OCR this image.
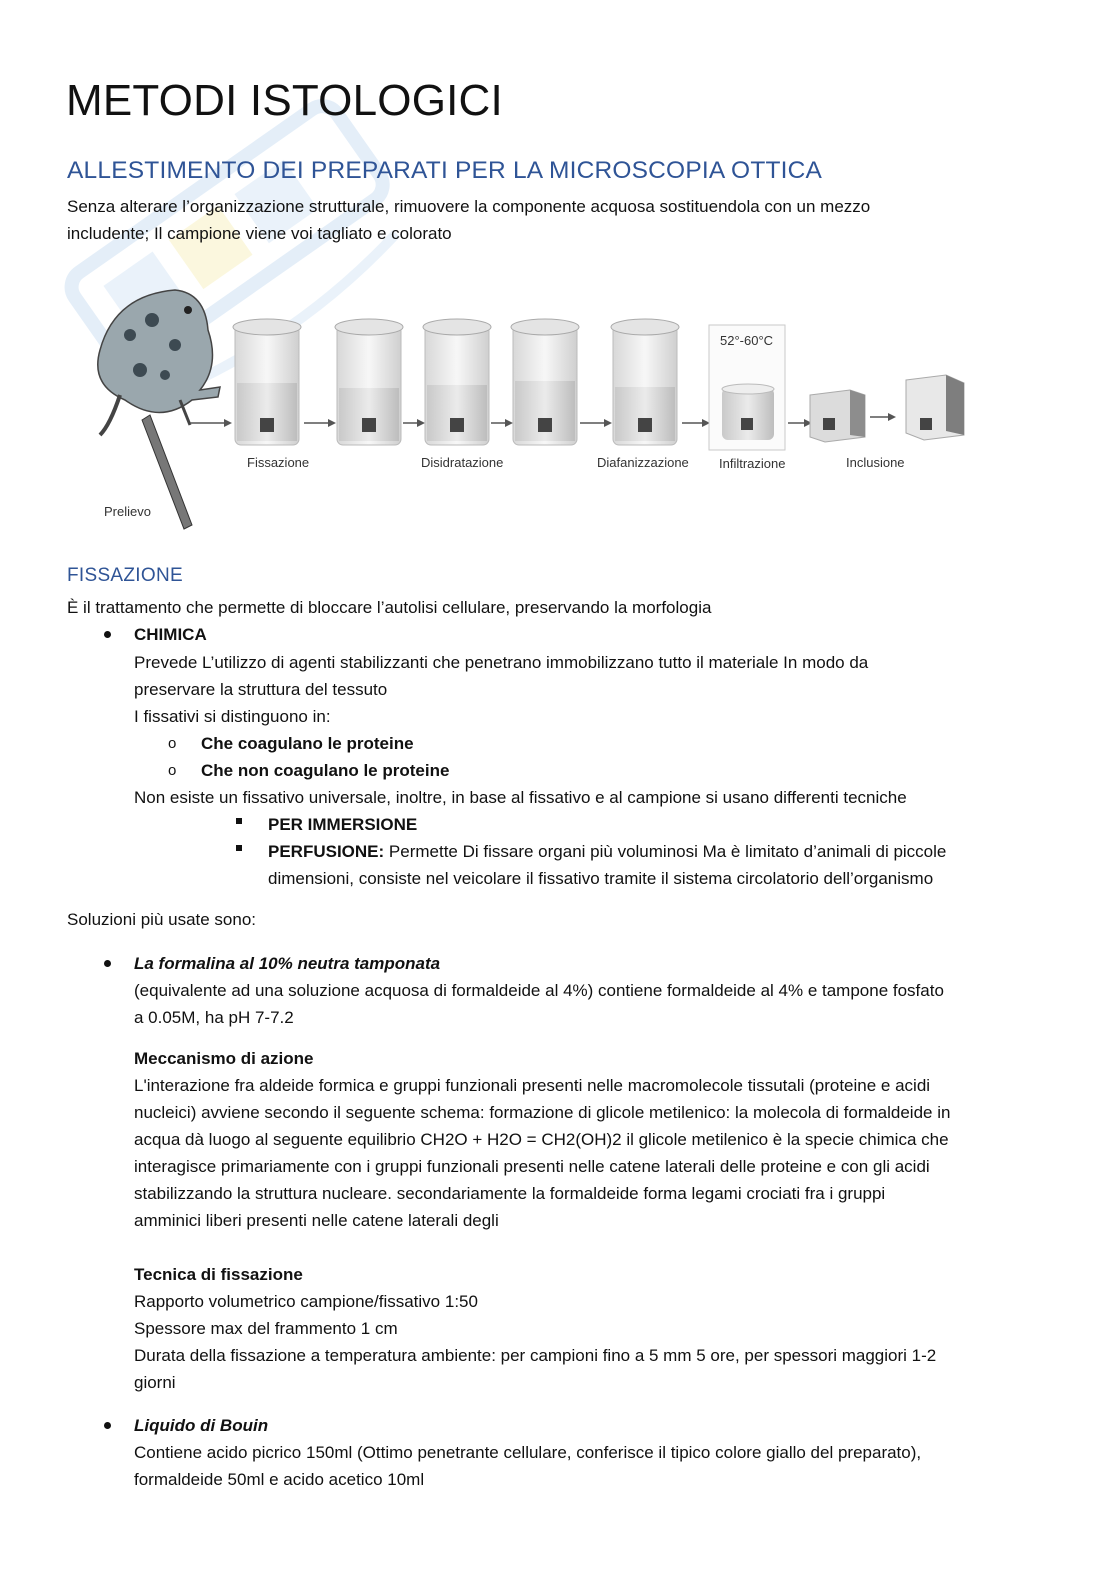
METODI ISTOLOGICI
ALLESTIMENTO DEI PREPARATI PER LA MICROSCOPIA OTTICA

Senza alterare l’organizzazione strutturale, rimuovere la componente acquosa sostituendola con un mezzo

includente; Il campione viene voi tagliato e colorato

Prelievo
52°-60°C
Fissazione	Disidratazione	Diafanizzazione Infiltrazione	Inclusione
FISSAZIONE

È il trattamento che permette di bloccare l’autolisi cellulare, preservando la morfologia

CHIMICA

Prevede L’utilizzo di agenti stabilizzanti che penetrano immobilizzano tutto il materiale In modo da

preservare la struttura del tessuto

I fissativi si distinguono in:

o Che coagulano le proteine

o Che non coagulano le proteine

Non esiste un fissativo universale, inoltre, in base al fissativo e al campione si usano differenti tecniche

PER IMMERSIONE

PERFUSIONE: Permette Di fissare organi più voluminosi Ma è limitato d’animali di piccole

dimensioni, consiste nel veicolare il fissativo tramite il sistema circolatorio dell’organismo

Soluzioni più usate sono:

La formalina al 10% neutra tamponata

(equivalente ad una soluzione acquosa di formaldeide al 4%) contiene formaldeide al 4% e tampone fosfato

a 0.05M, ha pH 7-7.2

Meccanismo di azione

L'interazione fra aldeide formica e gruppi funzionali presenti nelle macromolecole tissutali (proteine e acidi

nucleici) avviene secondo il seguente schema: formazione di glicole metilenico: la molecola di formaldeide in

acqua dà luogo al seguente equilibrio CH2O + H2O = CH2(OH)2 il glicole metilenico è la specie chimica che

interagisce primariamente con i gruppi funzionali presenti nelle catene laterali delle proteine e con gli acidi

stabilizzando la struttura nucleare. secondariamente la formaldeide forma legami crociati fra i gruppi

amminici liberi presenti nelle catene laterali degli

Tecnica di fissazione

Rapporto volumetrico campione/fissativo 1:50

Spessore max del frammento 1 cm

Durata della fissazione a temperatura ambiente: per campioni fino a 5 mm 5 ore, per spessori maggiori 1-2

giorni

Liquido di Bouin

Contiene acido picrico 150ml (Ottimo penetrante cellulare, conferisce il tipico colore giallo del preparato),

formaldeide 50ml e acido acetico 10ml
